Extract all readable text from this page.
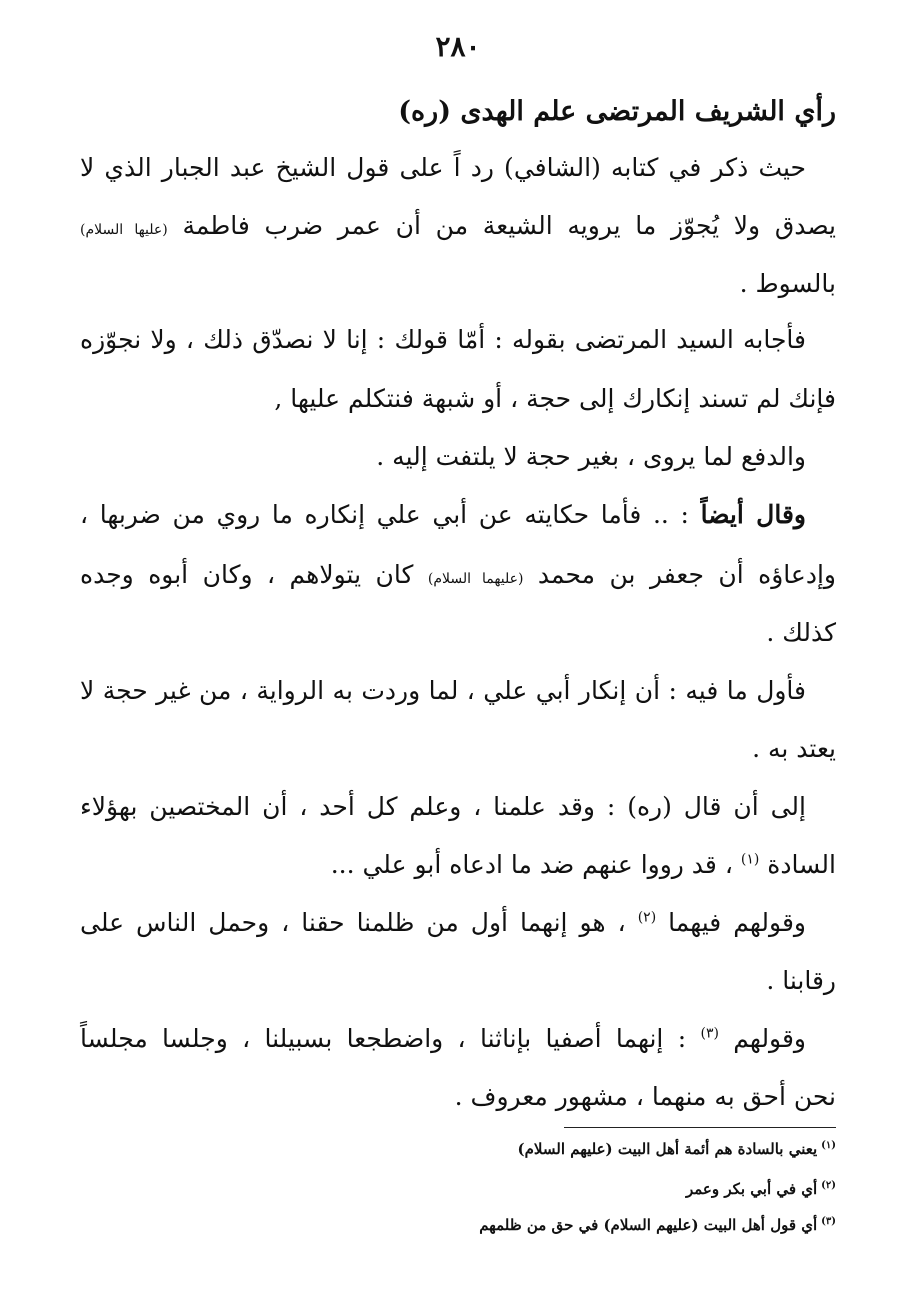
٢٨٠
رأي الشريف المرتضى علم الهدى (ره)
حيث ذكر في كتابه (الشافي) رد اً على قول الشيخ عبد الجبار الذي لا
يصدق ولا يُجوّز ما يرويه الشيعة من أن عمر ضرب فاطمة (عليها السلام)
بالسوط .
فأجابه السيد المرتضى بقوله : أمّا قولك : إنا لا نصدّق ذلك ، ولا نجوّزه
فإنك لم تسند إنكارك إلى حجة ، أو شبهة فنتكلم عليها ,
والدفع لما يروى ، بغير حجة لا يلتفت إليه .
وقال أيضاً : .. فأما حكايته عن أبي علي إنكاره ما روي من ضربها ،
وإدعاؤه أن جعفر بن محمد (عليهما السلام) كان يتولاهم ، وكان أبوه وجده
كذلك .
فأول ما فيه : أن إنكار أبي علي ، لما وردت به الرواية ، من غير حجة لا
يعتد به .
إلى أن قال (ره) : وقد علمنا ، وعلم كل أحد ، أن المختصين بهؤلاء
السادة $^{(١)}$ ، قد رووا عنهم ضد ما ادعاه أبو علي ...
وقولهم فيهما $^{(٢)}$ ، هو إنهما أول من ظلمنا حقنا ، وحمل الناس على
رقابنا .
وقولهم $^{(٣)}$ : إنهما أصفيا بإناثنا ، واضطجعا بسبيلنا ، وجلسا مجلساً
نحن أحق به منهما ، مشهور معروف .
$^{(١)}$يعني بالسادة هم أئمة أهل البيت (عليهم السلام)
$^{(٢)}$أي في أبي بكر وعمر
$^{(٣)}$أي قول أهل البيت (عليهم السلام) في حق من ظلمهم
